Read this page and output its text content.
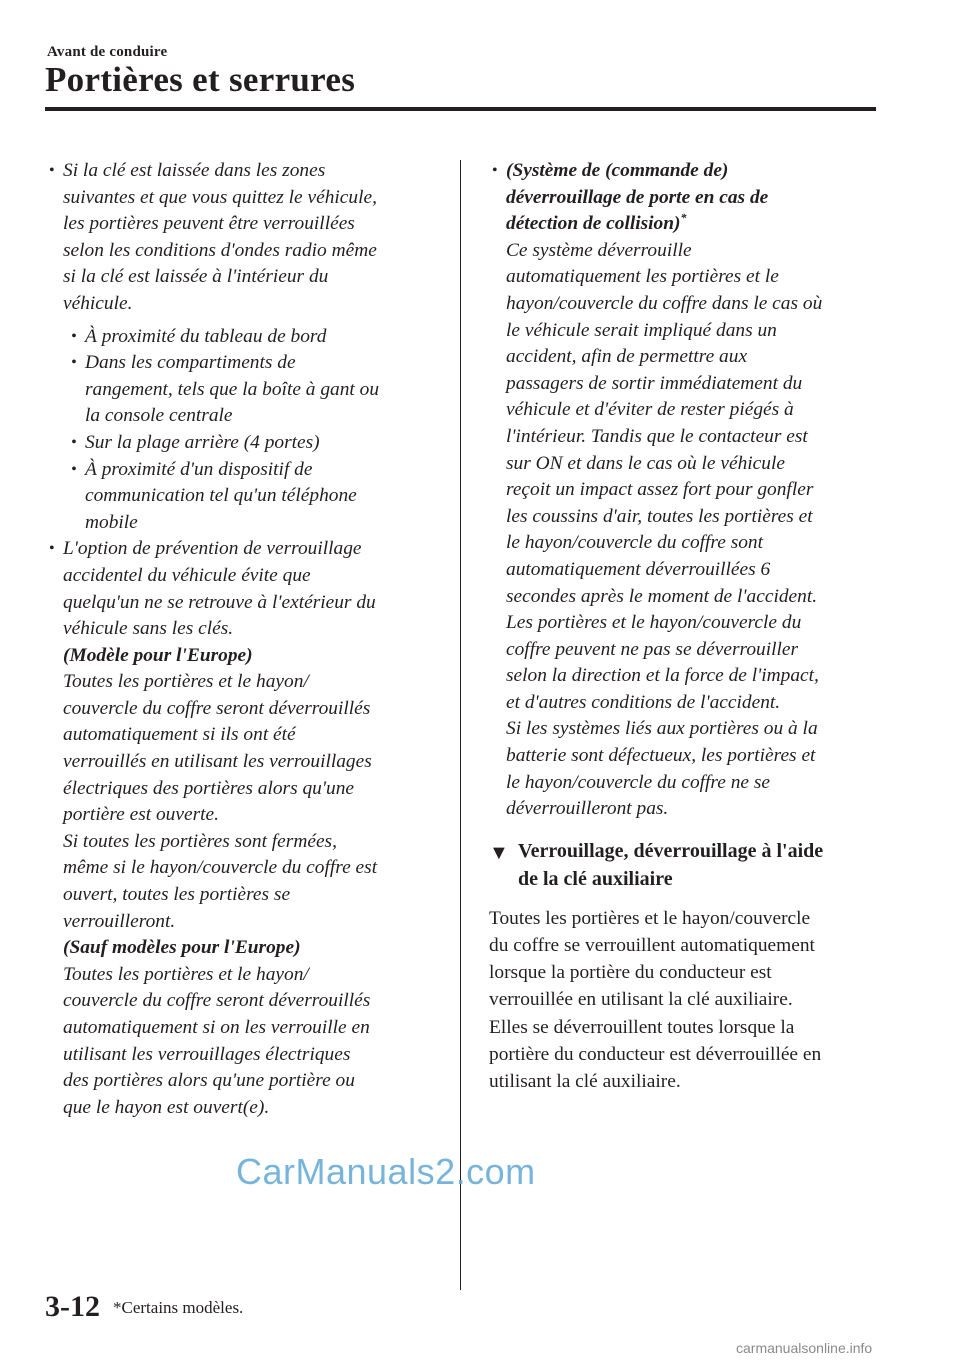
Avant de conduire
Portières et serrures
• Si la clé est laissée dans les zones
suivantes et que vous quittez le véhicule,
les portières peuvent être verrouillées
selon les conditions d'ondes radio même
si la clé est laissée à l'intérieur du
véhicule.
• À proximité du tableau de bord
• Dans les compartiments de
rangement, tels que la boîte à gant ou
la console centrale
• Sur la plage arrière (4 portes)
• À proximité d'un dispositif de
communication tel qu'un téléphone
mobile
• L'option de prévention de verrouillage
accidentel du véhicule évite que
quelqu'un ne se retrouve à l'extérieur du
véhicule sans les clés.
(Modèle pour l'Europe)
Toutes les portières et le hayon/
couvercle du coffre seront déverrouillés
automatiquement si ils ont été
verrouillés en utilisant les verrouillages
électriques des portières alors qu'une
portière est ouverte.
Si toutes les portières sont fermées,
même si le hayon/couvercle du coffre est
ouvert, toutes les portières se
verrouilleront.
(Sauf modèles pour l'Europe)
Toutes les portières et le hayon/
couvercle du coffre seront déverrouillés
automatiquement si on les verrouille en
utilisant les verrouillages électriques
des portières alors qu'une portière ou
que le hayon est ouvert(e).
• (Système de (commande de)
déverrouillage de porte en cas de
détection de collision)*
Ce système déverrouille
automatiquement les portières et le
hayon/couvercle du coffre dans le cas où
le véhicule serait impliqué dans un
accident, afin de permettre aux
passagers de sortir immédiatement du
véhicule et d'éviter de rester piégés à
l'intérieur. Tandis que le contacteur est
sur ON et dans le cas où le véhicule
reçoit un impact assez fort pour gonfler
les coussins d'air, toutes les portières et
le hayon/couvercle du coffre sont
automatiquement déverrouillées 6
secondes après le moment de l'accident.
Les portières et le hayon/couvercle du
coffre peuvent ne pas se déverrouiller
selon la direction et la force de l'impact,
et d'autres conditions de l'accident.
Si les systèmes liés aux portières ou à la
batterie sont défectueux, les portières et
le hayon/couvercle du coffre ne se
déverrouilleront pas.
▼ Verrouillage, déverrouillage à l'aide
de la clé auxiliaire
Toutes les portières et le hayon/couvercle
du coffre se verrouillent automatiquement
lorsque la portière du conducteur est
verrouillée en utilisant la clé auxiliaire.
Elles se déverrouillent toutes lorsque la
portière du conducteur est déverrouillée en
utilisant la clé auxiliaire.
CarManuals2.com
3-12 *Certains modèles.
carmanualsonline.info
